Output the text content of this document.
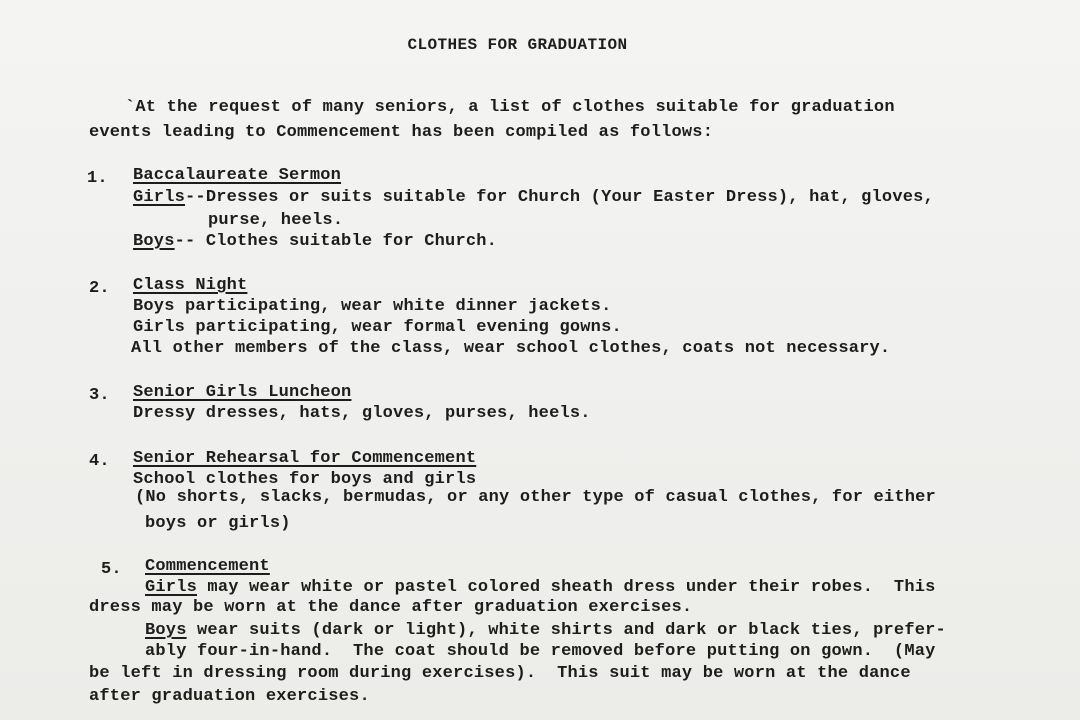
CLOTHES FOR GRADUATION
`At the request of many seniors, a list of clothes suitable for graduation
events leading to Commencement has been compiled as follows:
1. Baccalaureate Sermon
Girls--Dresses or suits suitable for Church (Your Easter Dress), hat, gloves,
purse, heels.
Boys-- Clothes suitable for Church.
2. Class Night
Boys participating, wear white dinner jackets.
Girls participating, wear formal evening gowns.
All other members of the class, wear school clothes, coats not necessary.
3. Senior Girls Luncheon
Dressy dresses, hats, gloves, purses, heels.
4. Senior Rehearsal for Commencement
School clothes for boys and girls
(No shorts, slacks, bermudas, or any other type of casual clothes, for either
boys or girls)
5. Commencement
Girls may wear white or pastel colored sheath dress under their robes.  This
dress may be worn at the dance after graduation exercises.
Boys wear suits (dark or light), white shirts and dark or black ties, prefer-
ably four-in-hand.  The coat should be removed before putting on gown.  (May
be left in dressing room during exercises).  This suit may be worn at the dance
after graduation exercises.
